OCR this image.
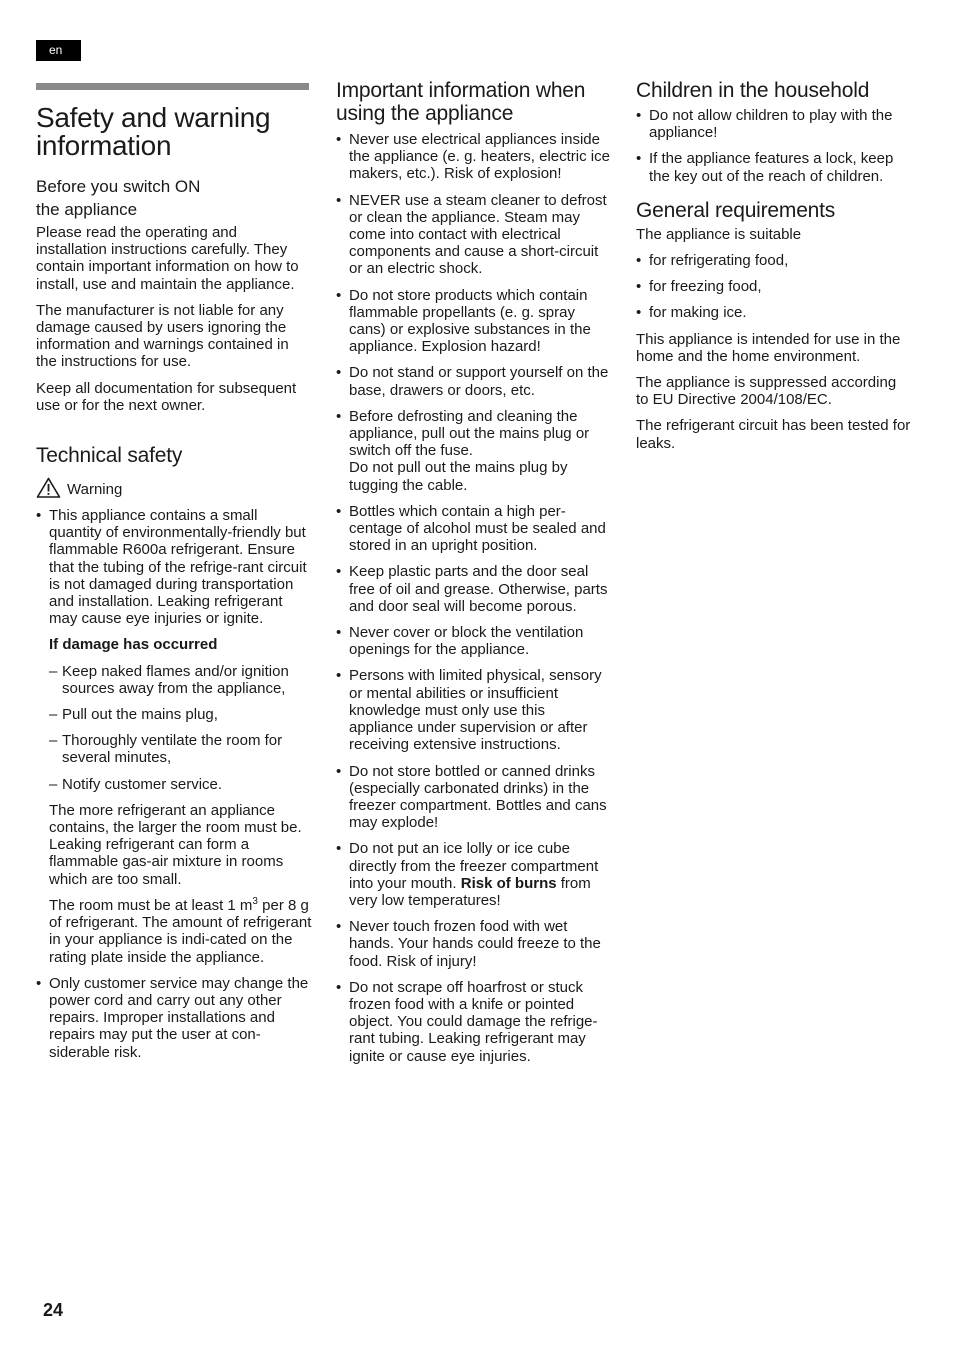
en
Safety and warning information
Before you switch ON
the appliance

Please read the operating and installation instructions carefully. They contain important information on how to install, use and maintain the appliance.

The manufacturer is not liable for any damage caused by users ignoring the information and warnings contained in the instructions for use.

Keep all documentation for subsequent use or for the next owner.

Technical safety
Warning
• This appliance contains a small quantity of environmentally-friendly but flammable R600a refrigerant. Ensure that the tubing of the refrige-rant circuit is not damaged during transportation and installation. Leaking refrigerant may cause eye injuries or ignite.
If damage has occurred
– Keep naked flames and/or ignition sources away from the appliance,
– Pull out the mains plug,
– Thoroughly ventilate the room for several minutes,
– Notify customer service.
The more refrigerant an appliance contains, the larger the room must be. Leaking refrigerant can form a flammable gas-air mixture in rooms which are too small.
The room must be at least 1 $m^3$ per 8 g of refrigerant. The amount of refrigerant in your appliance is indi-cated on the rating plate inside the appliance.
• Only customer service may change the power cord and carry out any other repairs. Improper installations and repairs may put the user at con-siderable risk.
Important information when using the appliance
• Never use electrical appliances inside the appliance (e. g. heaters, electric ice makers, etc.). Risk of explosion!
• NEVER use a steam cleaner to defrost or clean the appliance. Steam may come into contact with electrical components and cause a short-circuit or an electric shock.
• Do not store products which contain flammable propellants (e. g. spray cans) or explosive substances in the appliance. Explosion hazard!
• Do not stand or support yourself on the base, drawers or doors, etc.
• Before defrosting and cleaning the appliance, pull out the mains plug or switch off the fuse.
Do not pull out the mains plug by tugging the cable.
• Bottles which contain a high per-centage of alcohol must be sealed and stored in an upright position.
• Keep plastic parts and the door seal free of oil and grease. Otherwise, parts and door seal will become porous.
• Never cover or block the ventilation openings for the appliance.
• Persons with limited physical, sensory or mental abilities or insufficient knowledge must only use this appliance under supervision or after receiving extensive instructions.
• Do not store bottled or canned drinks (especially carbonated drinks) in the freezer compartment. Bottles and cans may explode!
• Do not put an ice lolly or ice cube directly from the freezer compartment into your mouth. Risk of burns from very low temperatures!
• Never touch frozen food with wet hands. Your hands could freeze to the food. Risk of injury!
• Do not scrape off hoarfrost or stuck frozen food with a knife or pointed object. You could damage the refrige-rant tubing. Leaking refrigerant may ignite or cause eye injuries.
Children in the household
• Do not allow children to play with the appliance!
• If the appliance features a lock, keep the key out of the reach of children.
General requirements

The appliance is suitable

• for refrigerating food,
• for freezing food,
• for making ice.

This appliance is intended for use in the home and the home environment.

The appliance is suppressed according to EU Directive 2004/108/EC.

The refrigerant circuit has been tested for leaks.

24
